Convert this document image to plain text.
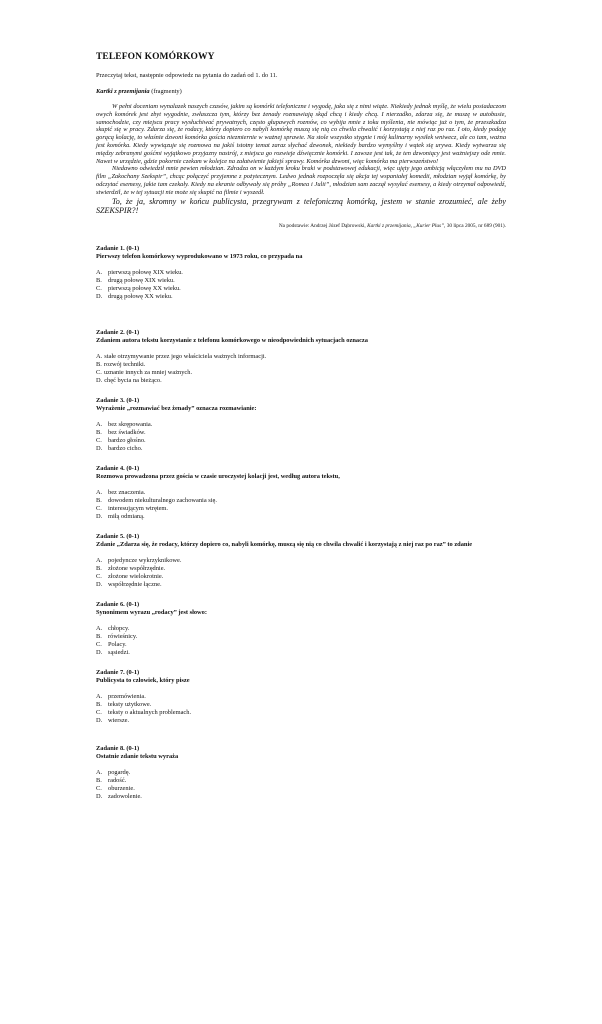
TELEFON KOMÓRKOWY
Przeczytaj tekst, następnie odpowiedz na pytania do zadań od 1. do 11.
Kartki z przemijania (fragmenty)

W pełni doceniam wynalazek naszych czasów, jakim są komórki telefoniczne i wygodę, jaka się z nimi wiąże. Niekiedy jednak myślę, że wielu posiadaczom owych komórek jest zbyt wygodnie, zwłaszcza tym, którzy bez żenady rozmawiają skąd chcą i kiedy chcą. I nierzadko, zdarza się, że muszę w autobusie, samochodzie, czy miejscu pracy wysłuchiwać prywatnych, często głupawych rozmów, co wybija mnie z toku myślenia, nie mówiąc już o tym, że przeszkadza skupić się w pracy. Zdarza się, że rodacy, którzy dopiero co nabyli komórkę muszą się nią co chwila chwalić i korzystają z niej raz po raz. I oto, kiedy podaję gorącą kolację, to właśnie dzwoni komórka gościa niezmiernie w ważnej sprawie. Na stole wszystko stygnie i mój kulinarny wysiłek wniwecz, ale co tam, ważna jest komórka. Kiedy wywiązuje się rozmowa na jakiś istotny temat zaraz słychać dzwonek, niekiedy bardzo wymyślny i wątek się urywa. Kiedy wytwarza się między zebranymi gośćmi wyjątkowo przyjazny nastrój, z miejsca go rozwieje dźwięcznie komórki. I zawsze jest tak, że ten dzwoniący jest ważniejszy ode mnie. Nawet w urzędzie, gdzie pokornie czekam w kolejce na załatwienie jakiejś sprawy. Komórka dzwoni, więc komórka ma pierwszeństwo!

Niedawno odwiedził mnie pewien młodzian. Zdradza on w każdym kroku braki w podstawowej edukacji, więc ujęty jego ambicją włączyłem mu na DVD film „Zakochany Szekspir”, chcąc połączyć przyjemne z pożytecznym. Ledwo jednak rozpoczęła się akcja tej wspaniałej komedii, młodzian wyjął komórkę, by odczytać esemesy, jakie tam czekały. Kiedy na ekranie odbywały się próby „Romea i Julii”, młodzian sam zaczął wysyłać esemesy, a kiedy otrzymał odpowiedź, stwierdził, że w tej sytuacji nie może się skupić na filmie i wyszedł.

To, że ja, skromny w końcu publicysta, przegrywam z telefoniczną komórką, jestem w stanie zrozumieć, ale żeby SZEKSPIR?!

Na podstawie: Andrzej Józef Dąbrowski, Kartki z przemijania, „Kurier Plus”, 30 lipca 2005, nr 689 (901).
Zadanie 1. (0-1)
Pierwszy telefon komórkowy wyprodukowano w 1973 roku, co przypada na
A. pierwszą połowę XIX wieku.
B. drugą połowę XIX wieku.
C. pierwszą połowę XX wieku.
D. drugą połowę XX wieku.
Zadanie 2. (0-1)
Zdaniem autora tekstu korzystanie z telefonu komórkowego w nieodpowiednich sytuacjach oznacza
A. stałe otrzymywanie przez jego właściciela ważnych informacji.
B. rozwój techniki.
C. uznanie innych za mniej ważnych.
D. chęć bycia na bieżąco.
Zadanie 3. (0-1)
Wyrażenie „rozmawiać bez żenady” oznacza rozmawianie:
A. bez skrępowania.
B. bez świadków.
C. bardzo głośno.
D. bardzo cicho.
Zadanie 4. (0-1)
Rozmowa prowadzona przez gościa w czasie uroczystej kolacji jest, według autora tekstu,
A. bez znaczenia.
B. dowodem niekulturalnego zachowania się.
C. interesującym wtrętem.
D. miłą odmianą.
Zadanie 5. (0-1)
Zdanie „Zdarza się, że rodacy, którzy dopiero co, nabyli komórkę, muszą się nią co chwila chwalić i korzystają z niej raz po raz” to zdanie
A. pojedyncze wykrzyknikowe.
B. złożone współrzędnie.
C. złożone wielokrotnie.
D. współrzędnie łączne.
Zadanie 6. (0-1)
Synonimem wyrazu „rodacy” jest słowo:
A. chłopcy.
B. rówieśnicy.
C. Polacy.
D. sąsiedzi.
Zadanie 7. (0-1)
Publicysta to człowiek, który pisze
A. przemówienia.
B. teksty użytkowe.
C. teksty o aktualnych problemach.
D. wiersze.
Zadanie 8. (0-1)
Ostatnie zdanie tekstu wyraża
A. pogardę.
B. radość.
C. oburzenie.
D. zadowolenie.
